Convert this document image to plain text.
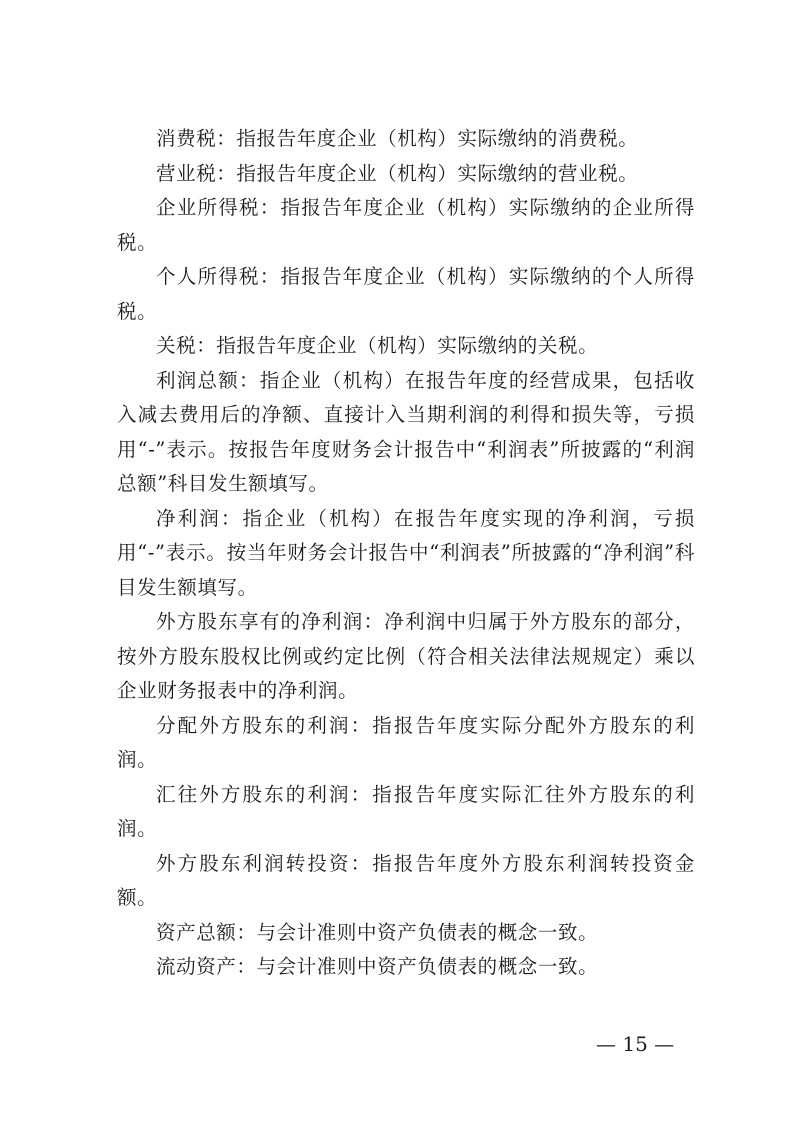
消费税：指报告年度企业（机构）实际缴纳的消费税。

营业税：指报告年度企业（机构）实际缴纳的营业税。

企业所得税：指报告年度企业（机构）实际缴纳的企业所得税。

个人所得税：指报告年度企业（机构）实际缴纳的个人所得税。

关税：指报告年度企业（机构）实际缴纳的关税。

利润总额：指企业（机构）在报告年度的经营成果，包括收入减去费用后的净额、直接计入当期利润的利得和损失等，亏损用“-”表示。按报告年度财务会计报告中“利润表”所披露的“利润总额”科目发生额填写。

净利润：指企业（机构）在报告年度实现的净利润，亏损用“-”表示。按当年财务会计报告中“利润表”所披露的“净利润”科目发生额填写。

外方股东享有的净利润：净利润中归属于外方股东的部分，按外方股东股权比例或约定比例（符合相关法律法规规定）乘以企业财务报表中的净利润。

分配外方股东的利润：指报告年度实际分配外方股东的利润。

汇往外方股东的利润：指报告年度实际汇往外方股东的利润。

外方股东利润转投资：指报告年度外方股东利润转投资金额。

资产总额：与会计准则中资产负债表的概念一致。

流动资产：与会计准则中资产负债表的概念一致。

— 15 —
